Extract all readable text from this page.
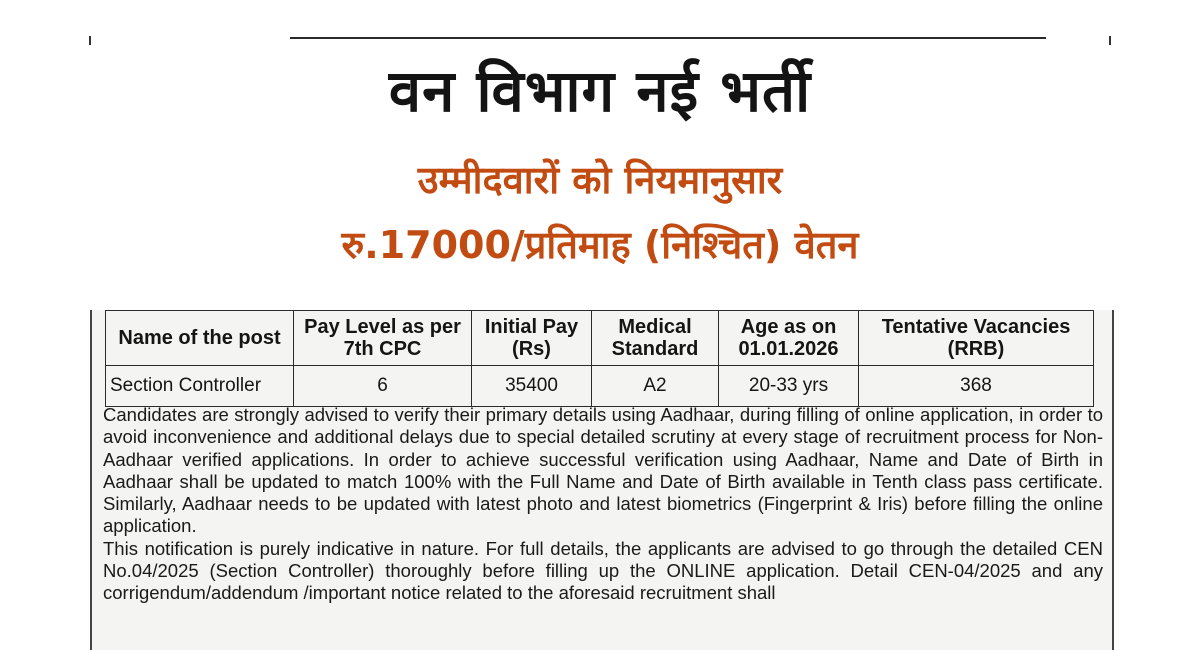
वन विभाग नई भर्ती
उम्मीदवारों को नियमानुसार
रु.17000/प्रतिमाह (निश्चित) वेतन
Name of the post	Pay Level as per 7th CPC	Initial Pay (Rs)	Medical Standard	Age as on 01.01.2026	Tentative Vacancies (RRB)
Section Controller	6	35400	A2	20-33 yrs	368

Candidates are strongly advised to verify their primary details using Aadhaar, during filling of online application, in order to avoid inconvenience and additional delays due to special detailed scrutiny at every stage of recruitment process for Non-Aadhaar verified applications. In order to achieve successful verification using Aadhaar, Name and Date of Birth in Aadhaar shall be updated to match 100% with the Full Name and Date of Birth available in Tenth class pass certificate. Similarly, Aadhaar needs to be updated with latest photo and latest biometrics (Fingerprint & Iris) before filling the online application.

This notification is purely indicative in nature. For full details, the applicants are advised to go through the detailed CEN No.04/2025 (Section Controller) thoroughly before filling up the ONLINE application. Detail CEN-04/2025 and any corrigendum/addendum /important notice related to the aforesaid recruitment shall
